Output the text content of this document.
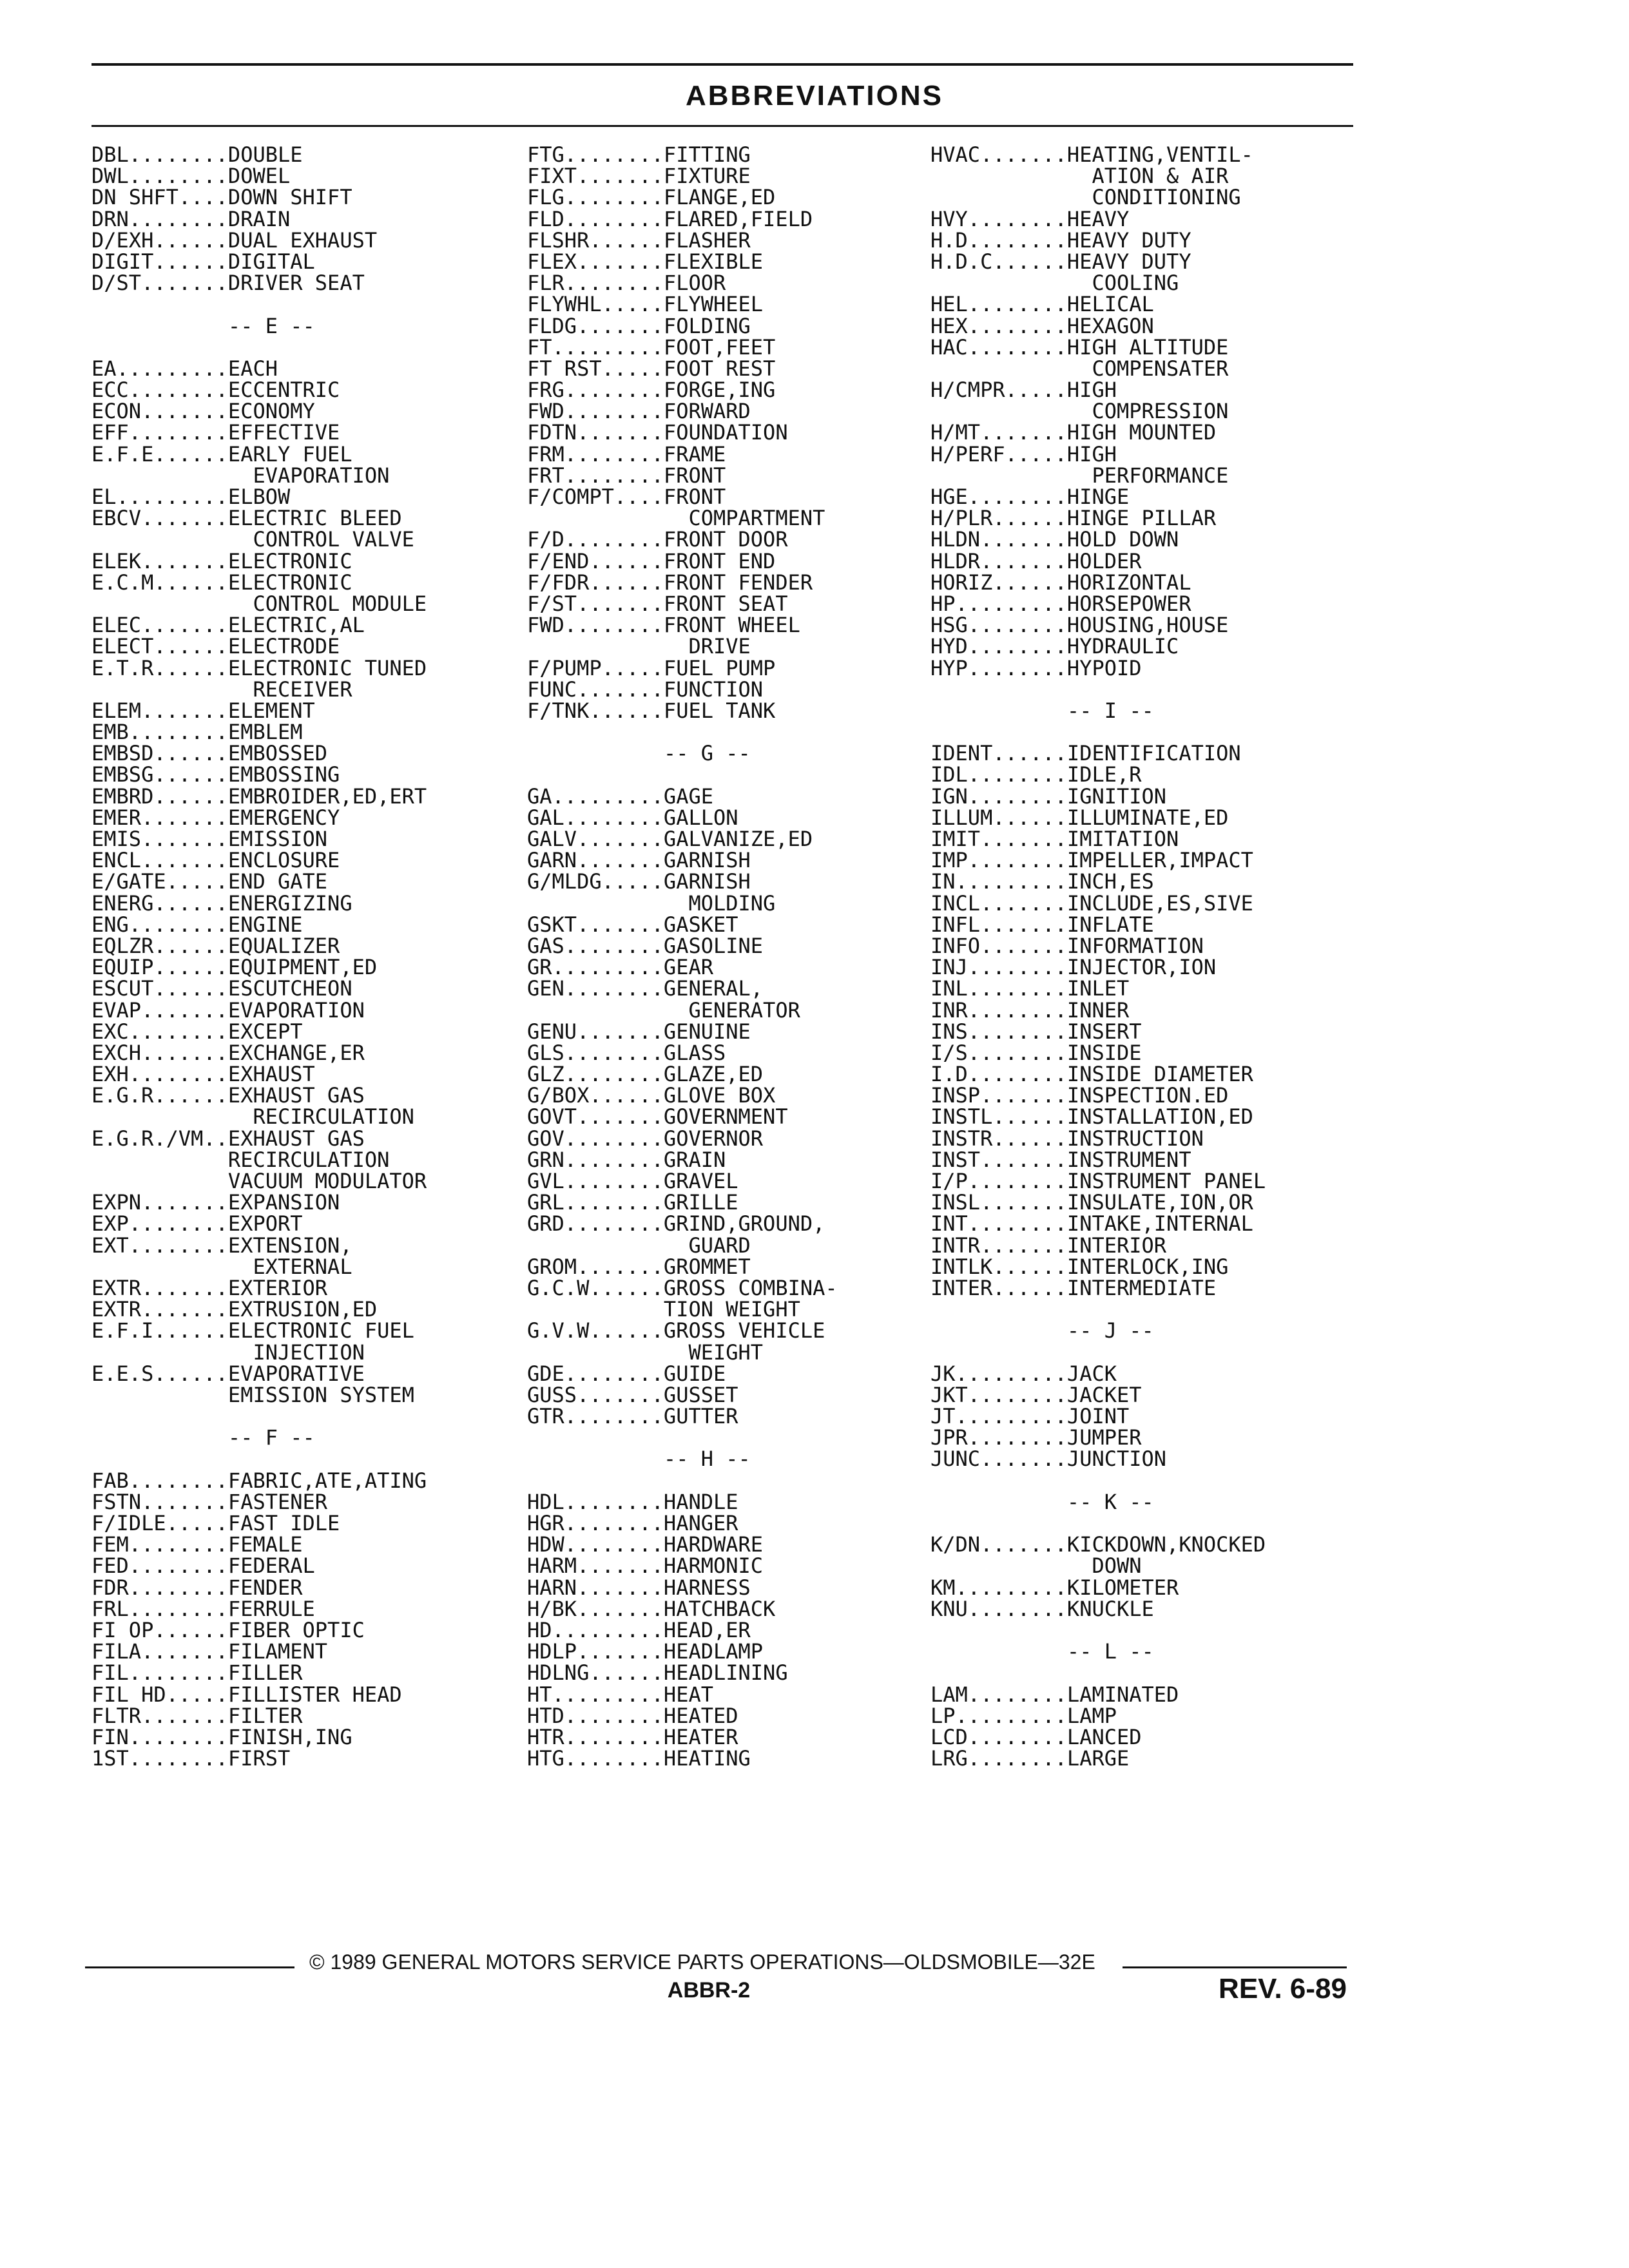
ABBREVIATIONS
DBL........DOUBLE
DWL........DOWEL
DN SHFT....DOWN SHIFT
DRN........DRAIN
D/EXH......DUAL EXHAUST
DIGIT......DIGITAL
D/ST.......DRIVER SEAT
-- E --
EA.........EACH
ECC........ECCENTRIC
ECON.......ECONOMY
EFF........EFFECTIVE
E.F.E......EARLY FUEL
EVAPORATION
EL.........ELBOW
EBCV.......ELECTRIC BLEED
CONTROL VALVE
ELEK.......ELECTRONIC
E.C.M......ELECTRONIC
CONTROL MODULE
ELEC.......ELECTRIC,AL
ELECT......ELECTRODE
E.T.R......ELECTRONIC TUNED
RECEIVER
ELEM.......ELEMENT
EMB........EMBLEM
EMBSD......EMBOSSED
EMBSG......EMBOSSING
EMBRD......EMBROIDER,ED,ERT
EMER.......EMERGENCY
EMIS.......EMISSION
ENCL.......ENCLOSURE
E/GATE.....END GATE
ENERG......ENERGIZING
ENG........ENGINE
EQLZR......EQUALIZER
EQUIP......EQUIPMENT,ED
ESCUT......ESCUTCHEON
EVAP.......EVAPORATION
EXC........EXCEPT
EXCH.......EXCHANGE,ER
EXH........EXHAUST
E.G.R......EXHAUST GAS
RECIRCULATION
E.G.R./VM..EXHAUST GAS
RECIRCULATION
VACUUM MODULATOR
EXPN.......EXPANSION
EXP........EXPORT
EXT........EXTENSION,
EXTERNAL
EXTR.......EXTERIOR
EXTR.......EXTRUSION,ED
E.F.I......ELECTRONIC FUEL
INJECTION
E.E.S......EVAPORATIVE
EMISSION SYSTEM
-- F --
FAB........FABRIC,ATE,ATING
FSTN.......FASTENER
F/IDLE.....FAST IDLE
FEM........FEMALE
FED........FEDERAL
FDR........FENDER
FRL........FERRULE
FI OP......FIBER OPTIC
FILA.......FILAMENT
FIL........FILLER
FIL HD.....FILLISTER HEAD
FLTR.......FILTER
FIN........FINISH,ING
1ST........FIRST
FTG........FITTING
FIXT.......FIXTURE
FLG........FLANGE,ED
FLD........FLARED,FIELD
FLSHR......FLASHER
FLEX.......FLEXIBLE
FLR........FLOOR
FLYWHL.....FLYWHEEL
FLDG.......FOLDING
FT.........FOOT,FEET
FT RST.....FOOT REST
FRG........FORGE,ING
FWD........FORWARD
FDTN.......FOUNDATION
FRM........FRAME
FRT........FRONT
F/COMPT....FRONT
COMPARTMENT
F/D........FRONT DOOR
F/END......FRONT END
F/FDR......FRONT FENDER
F/ST.......FRONT SEAT
FWD........FRONT WHEEL
DRIVE
F/PUMP.....FUEL PUMP
FUNC.......FUNCTION
F/TNK......FUEL TANK
-- G --
GA.........GAGE
GAL........GALLON
GALV.......GALVANIZE,ED
GARN.......GARNISH
G/MLDG.....GARNISH
MOLDING
GSKT.......GASKET
GAS........GASOLINE
GR.........GEAR
GEN........GENERAL,
GENERATOR
GENU.......GENUINE
GLS........GLASS
GLZ........GLAZE,ED
G/BOX......GLOVE BOX
GOVT.......GOVERNMENT
GOV........GOVERNOR
GRN........GRAIN
GVL........GRAVEL
GRL........GRILLE
GRD........GRIND,GROUND,
GUARD
GROM.......GROMMET
G.C.W......GROSS COMBINA-
TION WEIGHT
G.V.W......GROSS VEHICLE
WEIGHT
GDE........GUIDE
GUSS.......GUSSET
GTR........GUTTER
-- H --
HDL........HANDLE
HGR........HANGER
HDW........HARDWARE
HARM.......HARMONIC
HARN.......HARNESS
H/BK.......HATCHBACK
HD.........HEAD,ER
HDLP.......HEADLAMP
HDLNG......HEADLINING
HT.........HEAT
HTD........HEATED
HTR........HEATER
HTG........HEATING
HVAC.......HEATING,VENTIL-
ATION & AIR
CONDITIONING
HVY........HEAVY
H.D........HEAVY DUTY
H.D.C......HEAVY DUTY
COOLING
HEL........HELICAL
HEX........HEXAGON
HAC........HIGH ALTITUDE
COMPENSATER
H/CMPR.....HIGH
COMPRESSION
H/MT.......HIGH MOUNTED
H/PERF.....HIGH
PERFORMANCE
HGE........HINGE
H/PLR......HINGE PILLAR
HLDN.......HOLD DOWN
HLDR.......HOLDER
HORIZ......HORIZONTAL
HP.........HORSEPOWER
HSG........HOUSING,HOUSE
HYD........HYDRAULIC
HYP........HYPOID
-- I --
IDENT......IDENTIFICATION
IDL........IDLE,R
IGN........IGNITION
ILLUM......ILLUMINATE,ED
IMIT.......IMITATION
IMP........IMPELLER,IMPACT
IN.........INCH,ES
INCL.......INCLUDE,ES,SIVE
INFL.......INFLATE
INFO.......INFORMATION
INJ........INJECTOR,ION
INL........INLET
INR........INNER
INS........INSERT
I/S........INSIDE
I.D........INSIDE DIAMETER
INSP.......INSPECTION.ED
INSTL......INSTALLATION,ED
INSTR......INSTRUCTION
INST.......INSTRUMENT
I/P........INSTRUMENT PANEL
INSL.......INSULATE,ION,OR
INT........INTAKE,INTERNAL
INTR.......INTERIOR
INTLK......INTERLOCK,ING
INTER......INTERMEDIATE
-- J --
JK.........JACK
JKT........JACKET
JT.........JOINT
JPR........JUMPER
JUNC.......JUNCTION
-- K --
K/DN.......KICKDOWN,KNOCKED
DOWN
KM.........KILOMETER
KNU........KNUCKLE
-- L --
LAM........LAMINATED
LP.........LAMP
LCD........LANCED
LRG........LARGE
© 1989 GENERAL MOTORS SERVICE PARTS OPERATIONS—OLDSMOBILE—32E
ABBR-2	REV. 6-89
